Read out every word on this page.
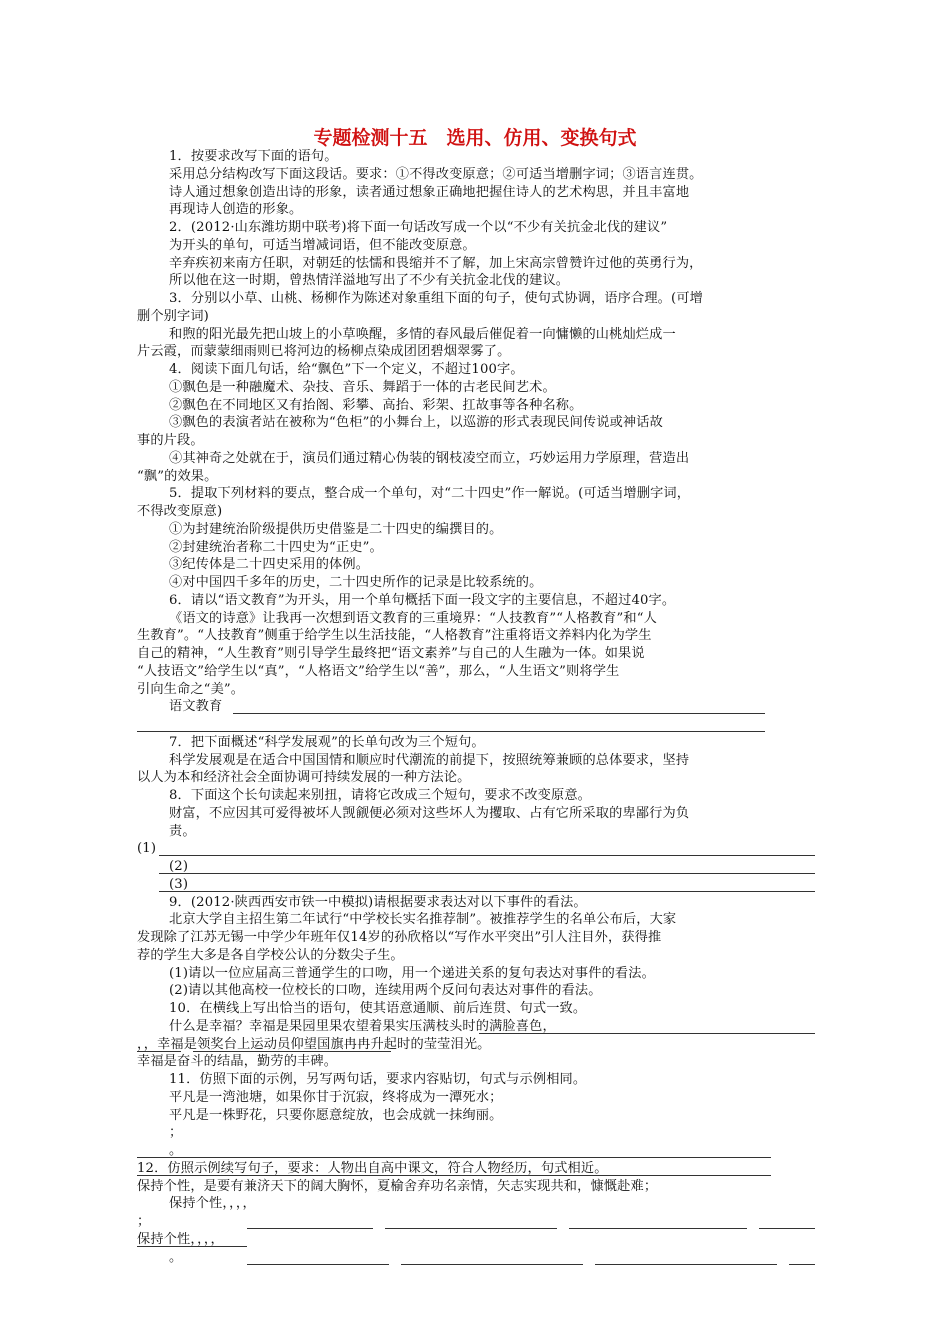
专题检测十五　选用、仿用、变换句式
1．按要求改写下面的语句。
采用总分结构改写下面这段话。要求：①不得改变原意；②可适当增删字词；③语言连贯。
诗人通过想象创造出诗的形象，读者通过想象正确地把握住诗人的艺术构思，并且丰富地
再现诗人创造的形象。
2．(2012·山东潍坊期中联考)将下面一句话改写成一个以“不少有关抗金北伐的建议”
为开头的单句，可适当增减词语，但不能改变原意。
辛弃疾初来南方任职，对朝廷的怯懦和畏缩并不了解，加上宋高宗曾赞许过他的英勇行为，
所以他在这一时期，曾热情洋溢地写出了不少有关抗金北伐的建议。
3．分别以小草、山桃、杨柳作为陈述对象重组下面的句子，使句式协调，语序合理。(可增
删个别字词)
和煦的阳光最先把山坡上的小草唤醒，多情的春风最后催促着一向慵懒的山桃灿烂成一
片云霞，而蒙蒙细雨则已将河边的杨柳点染成团团碧烟翠雾了。
4．阅读下面几句话，给“飘色”下一个定义，不超过100字。
①飘色是一种融魔术、杂技、音乐、舞蹈于一体的古老民间艺术。
②飘色在不同地区又有抬阁、彩攀、高抬、彩架、扛故事等各种名称。
③飘色的表演者站在被称为“色柜”的小舞台上，以巡游的形式表现民间传说或神话故
事的片段。
④其神奇之处就在于，演员们通过精心伪装的钢枝凌空而立，巧妙运用力学原理，营造出
“飘”的效果。
5．提取下列材料的要点，整合成一个单句，对“二十四史”作一解说。(可适当增删字词，
不得改变原意)
①为封建统治阶级提供历史借鉴是二十四史的编撰目的。
②封建统治者称二十四史为“正史”。
③纪传体是二十四史采用的体例。
④对中国四千多年的历史，二十四史所作的记录是比较系统的。
6．请以“语文教育”为开头，用一个单句概括下面一段文字的主要信息，不超过40字。
《语文的诗意》让我再一次想到语文教育的三重境界：“人技教育”“人格教育”和“人
生教育”。“人技教育”侧重于给学生以生活技能，“人格教育”注重将语文养料内化为学生
自己的精神，“人生教育”则引导学生最终把“语文素养”与自己的人生融为一体。如果说
“人技语文”给学生以“真”，“人格语文”给学生以“善”，那么，“人生语文”则将学生
引向生命之“美”。
语文教育
7．把下面概述“科学发展观”的长单句改为三个短句。
科学发展观是在适合中国国情和顺应时代潮流的前提下，按照统筹兼顾的总体要求，坚持
以人为本和经济社会全面协调可持续发展的一种方法论。
8．下面这个长句读起来别扭，请将它改成三个短句，要求不改变原意。
财富，不应因其可爱得被坏人觊觎便必须对这些坏人为攫取、占有它所采取的卑鄙行为负
责。
(1)
(2)
(3)
9．(2012·陕西西安市铁一中模拟)请根据要求表达对以下事件的看法。
北京大学自主招生第二年试行“中学校长实名推荐制”。被推荐学生的名单公布后，大家
发现除了江苏无锡一中学少年班年仅14岁的孙欣格以“写作水平突出”引人注目外，获得推
荐的学生大多是各自学校公认的分数尖子生。
(1)请以一位应届高三普通学生的口吻，用一个递进关系的复句表达对事件的看法。
(2)请以其他高校一位校长的口吻，连续用两个反问句表达对事件的看法。
10．在横线上写出恰当的语句，使其语意通顺、前后连贯、句式一致。
什么是幸福？幸福是果园里果农望着果实压满枝头时的满脸喜色，
，，幸福是领奖台上运动员仰望国旗冉冉升起时的莹莹泪光。
幸福是奋斗的结晶，勤劳的丰碑。
11．仿照下面的示例，另写两句话，要求内容贴切，句式与示例相同。
平凡是一湾池塘，如果你甘于沉寂，终将成为一潭死水；
平凡是一株野花，只要你愿意绽放，也会成就一抹绚丽。
；
。
12．仿照示例续写句子，要求：人物出自高中课文，符合人物经历，句式相近。
保持个性，是要有兼济天下的阔大胸怀，夏榆舍弃功名亲情，矢志实现共和，慷慨赴难；
保持个性，，，，
；
保持个性，，，，
。
